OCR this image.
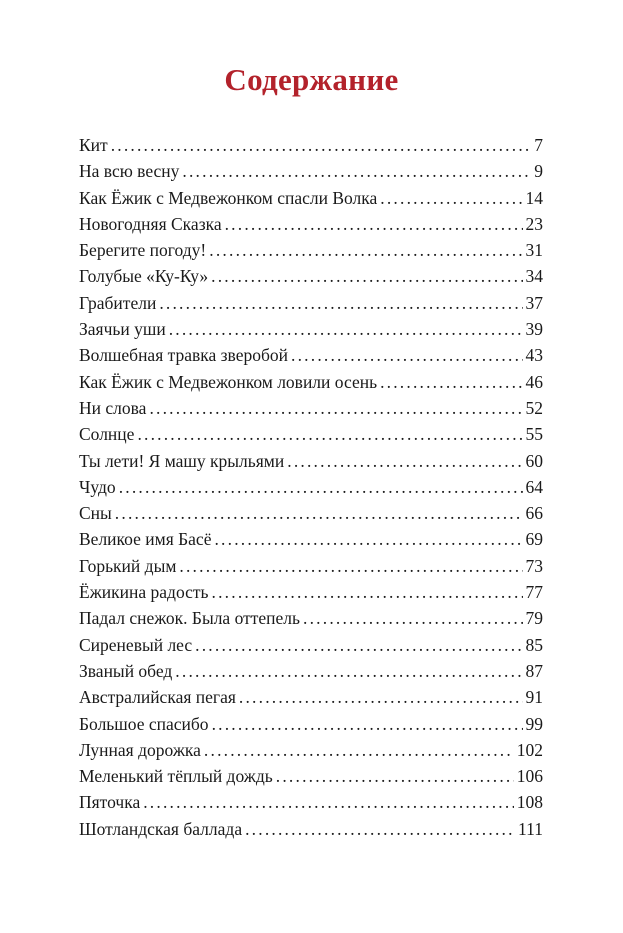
Содержание
Кит .....	7
На всю весну .....	9
Как Ёжик с Медвежонком спасли Волка .....	14
Новогодняя Сказка .....	23
Берегите погоду! .....	31
Голубые «Ку-Ку» .....	34
Грабители .....	37
Заячьи уши .....	39
Волшебная травка зверобой .....	43
Как Ёжик с Медвежонком ловили осень .....	46
Ни слова .....	52
Солнце .....	55
Ты лети! Я машу крыльями .....	60
Чудо .....	64
Сны .....	66
Великое имя Басё .....	69
Горький дым .....	73
Ёжикина радость .....	77
Падал снежок. Была оттепель .....	79
Сиреневый лес .....	85
Званый обед .....	87
Австралийская пегая .....	91
Большое спасибо .....	99
Лунная дорожка .....	102
Меленький тёплый дождь .....	106
Пяточка .....	108
Шотландская баллада .....	111
